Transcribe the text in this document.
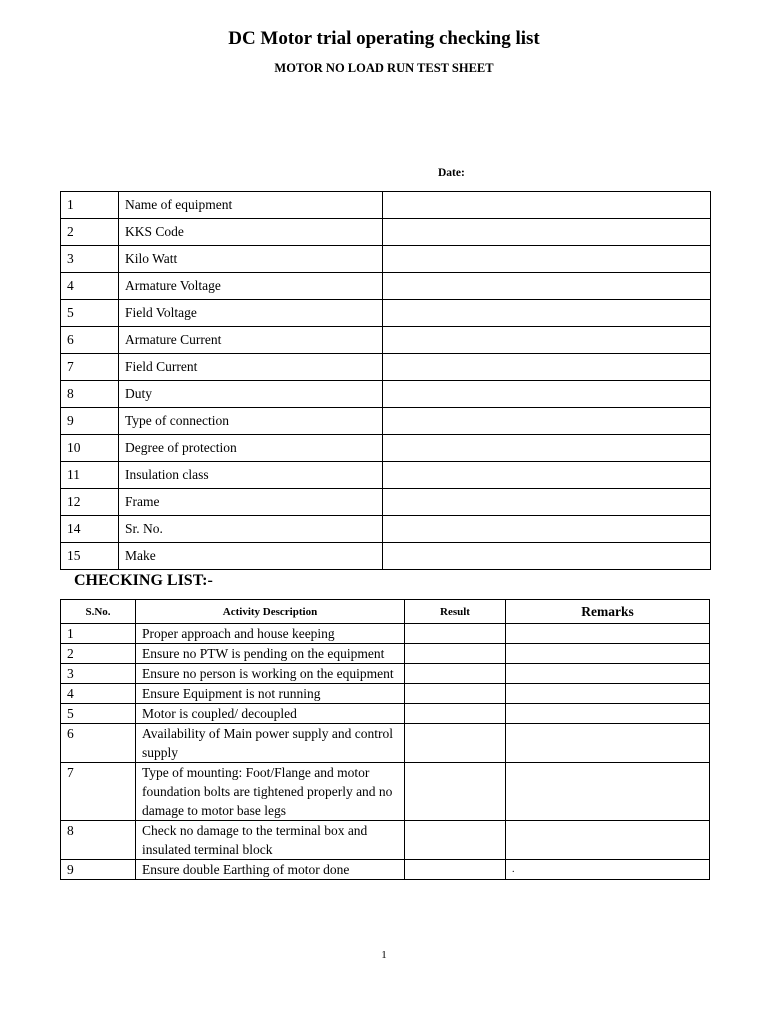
DC Motor trial operating checking list
MOTOR NO LOAD RUN TEST SHEET
Date:
1	Name of equipment	
2	KKS Code	
3	Kilo Watt	
4	Armature Voltage	
5	Field Voltage	
6	Armature Current	
7	Field Current	
8	Duty	
9	Type of connection	
10	Degree of protection	
11	Insulation class	
12	Frame	
14	Sr. No.	
15	Make	
CHECKING LIST:-
S.No.	Activity Description	Result	Remarks
1	Proper approach and house keeping		
2	Ensure no PTW is pending on the equipment		
3	Ensure no person is working on the equipment		
4	Ensure Equipment is not running		
5	Motor is coupled/ decoupled		
6	Availability of Main power supply and control supply		
7	Type of mounting: Foot/Flange and motor foundation bolts are tightened properly and no damage to motor base legs		
8	Check no damage to the terminal box and insulated terminal block		
9	Ensure double Earthing of motor done		.
1
